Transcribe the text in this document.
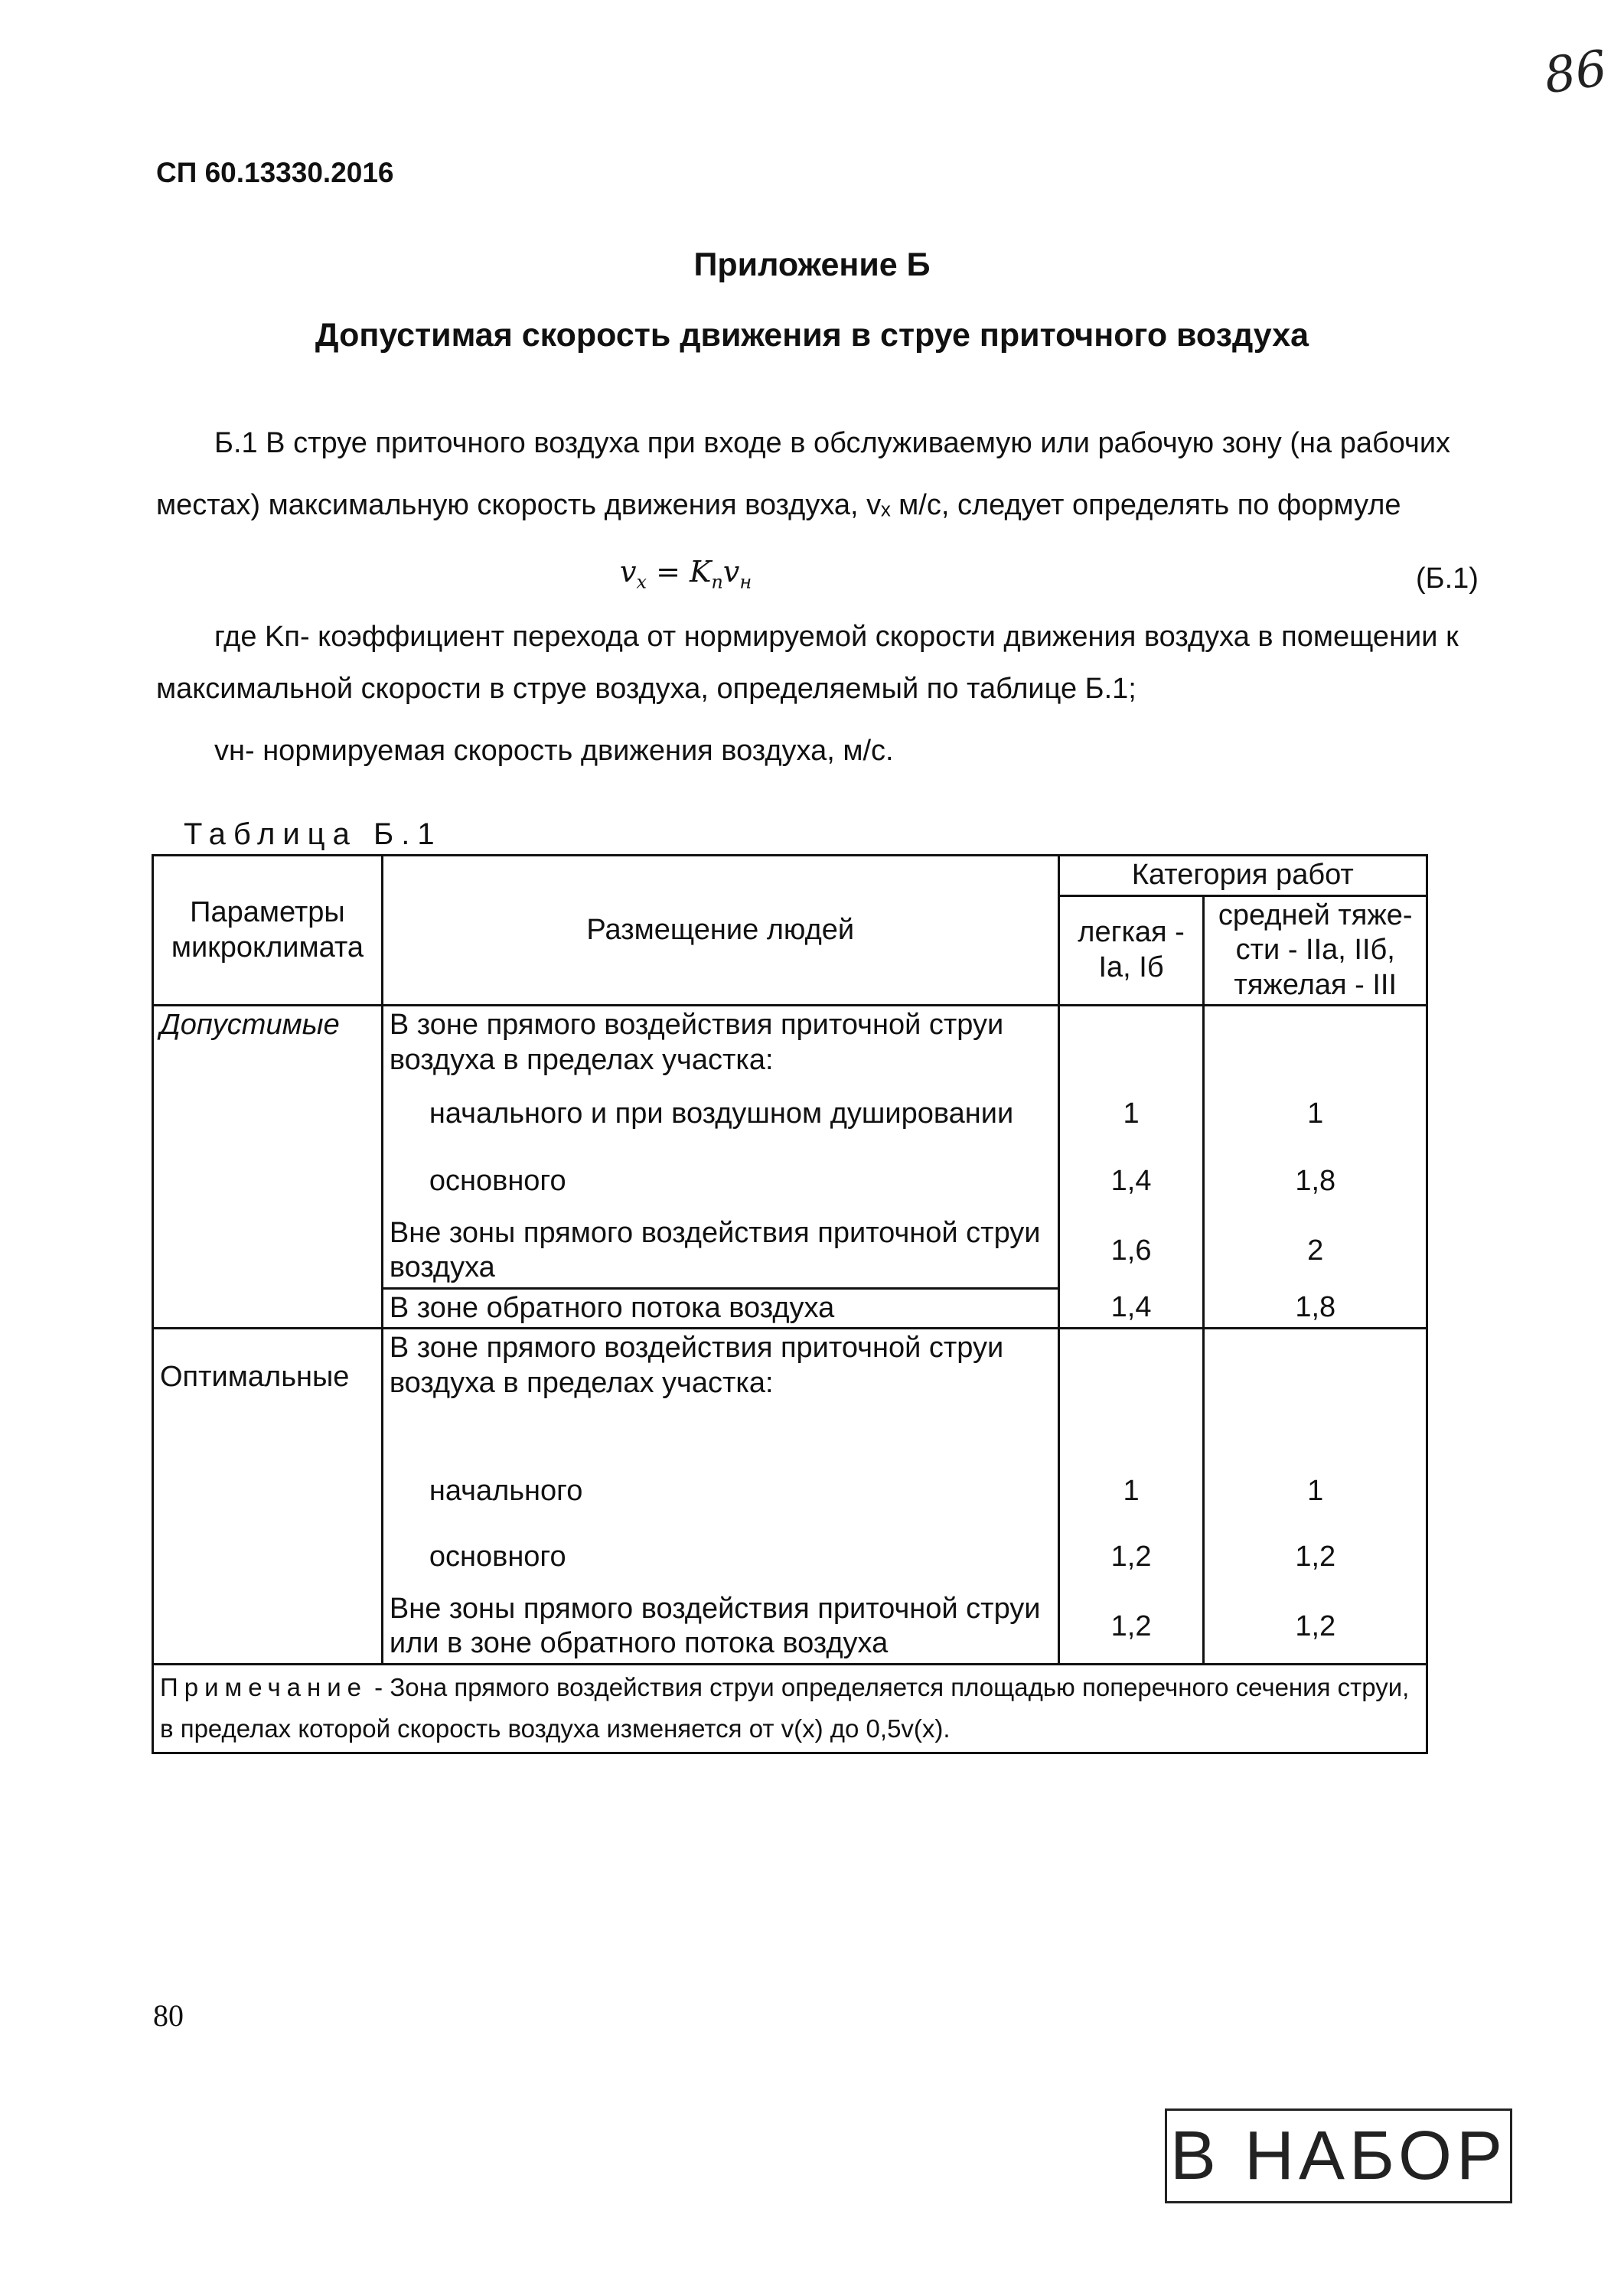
86
СП 60.13330.2016
Приложение Б
Допустимая скорость движения в струе приточного воздуха
Б.1 В струе приточного воздуха при входе в обслуживаемую или рабочую зону (на рабочих
местах) максимальную скорость движения воздуха, vₓ м/с, следует определять по формуле
$v_x = K_пv_н$	(Б.1)
где Kп- коэффициент перехода от нормируемой скорости движения воздуха в помещении к
максимальной скорости в струе воздуха, определяемый по таблице Б.1;
vн- нормируемая скорость движения воздуха, м/с.
Таблица Б.1
Параметры микроклимата	Размещение людей	Категория работ	
		легкая - Iа, Iб	средней тяже-сти - IIа, IIб, тяжелая - III
Допустимые	В зоне прямого воздействия приточной струи воздуха в пределах участка:		
	начального и при воздушном душировании	1	1
	основного	1,4	1,8
	Вне зоны прямого воздействия приточной струи воздуха	1,6	2
	В зоне обратного потока воздуха	1,4	1,8
Оптимальные	В зоне прямого воздействия приточной струи воздуха в пределах участка:		
	начального	1	1
	основного	1,2	1,2
	Вне зоны прямого воздействия приточной струи или в зоне обратного потока воздуха	1,2	1,2
Примечание - Зона прямого воздействия струи определяется площадью поперечного сечения струи, в пределах которой скорость воздуха изменяется от v(x) до 0,5v(x).			
80
В НАБОР
